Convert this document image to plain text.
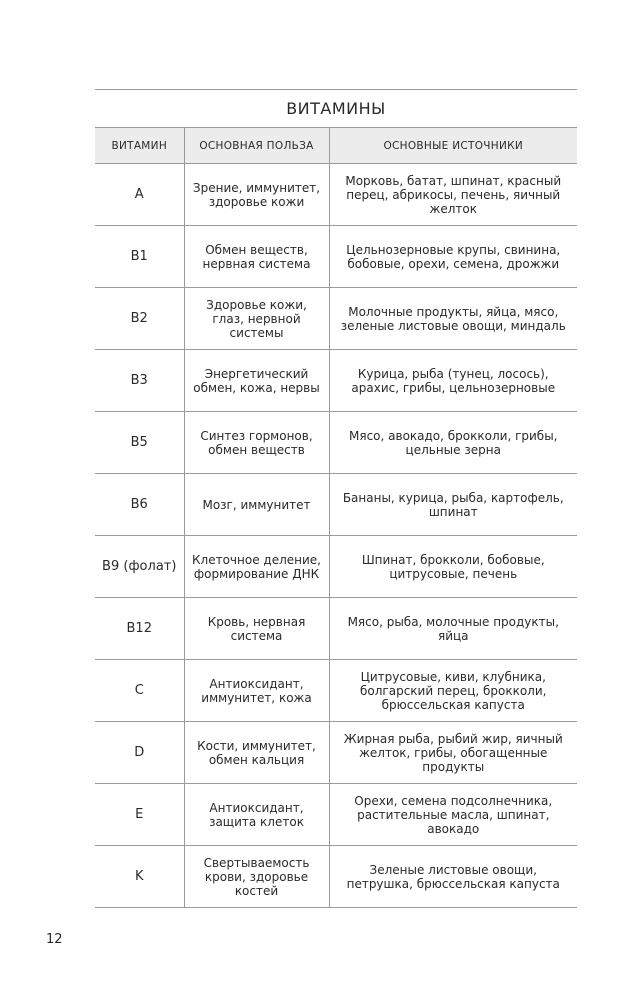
ВИТАМИНЫ
ВИТАМИН	ОСНОВНАЯ ПОЛЬЗА	ОСНОВНЫЕ ИСТОЧНИКИ
A	Зрение, иммунитет, здоровье кожи	Морковь, батат, шпинат, красный перец, абрикосы, печень, яичный желток
B1	Обмен веществ, нервная система	Цельнозерновые крупы, свинина, бобовые, орехи, семена, дрожжи
B2	Здоровье кожи, глаз, нервной системы	Молочные продукты, яйца, мясо, зеленые листовые овощи, миндаль
B3	Энергетический обмен, кожа, нервы	Курица, рыба (тунец, лосось), арахис, грибы, цельнозерновые
B5	Синтез гормонов, обмен веществ	Мясо, авокадо, брокколи, грибы, цельные зерна
B6	Мозг, иммунитет	Бананы, курица, рыба, картофель, шпинат
B9 (фолат)	Клеточное деление, формирование ДНК	Шпинат, брокколи, бобовые, цитрусовые, печень
B12	Кровь, нервная система	Мясо, рыба, молочные продукты, яйца
C	Антиоксидант, иммунитет, кожа	Цитрусовые, киви, клубника, болгарский перец, брокколи, брюссельская капуста
D	Кости, иммунитет, обмен кальция	Жирная рыба, рыбий жир, яичный желток, грибы, обогащенные продукты
E	Антиоксидант, защита клеток	Орехи, семена подсолнечника, растительные масла, шпинат, авокадо
K	Свертываемость крови, здоровье костей	Зеленые листовые овощи, петрушка, брюссельская капуста
12
